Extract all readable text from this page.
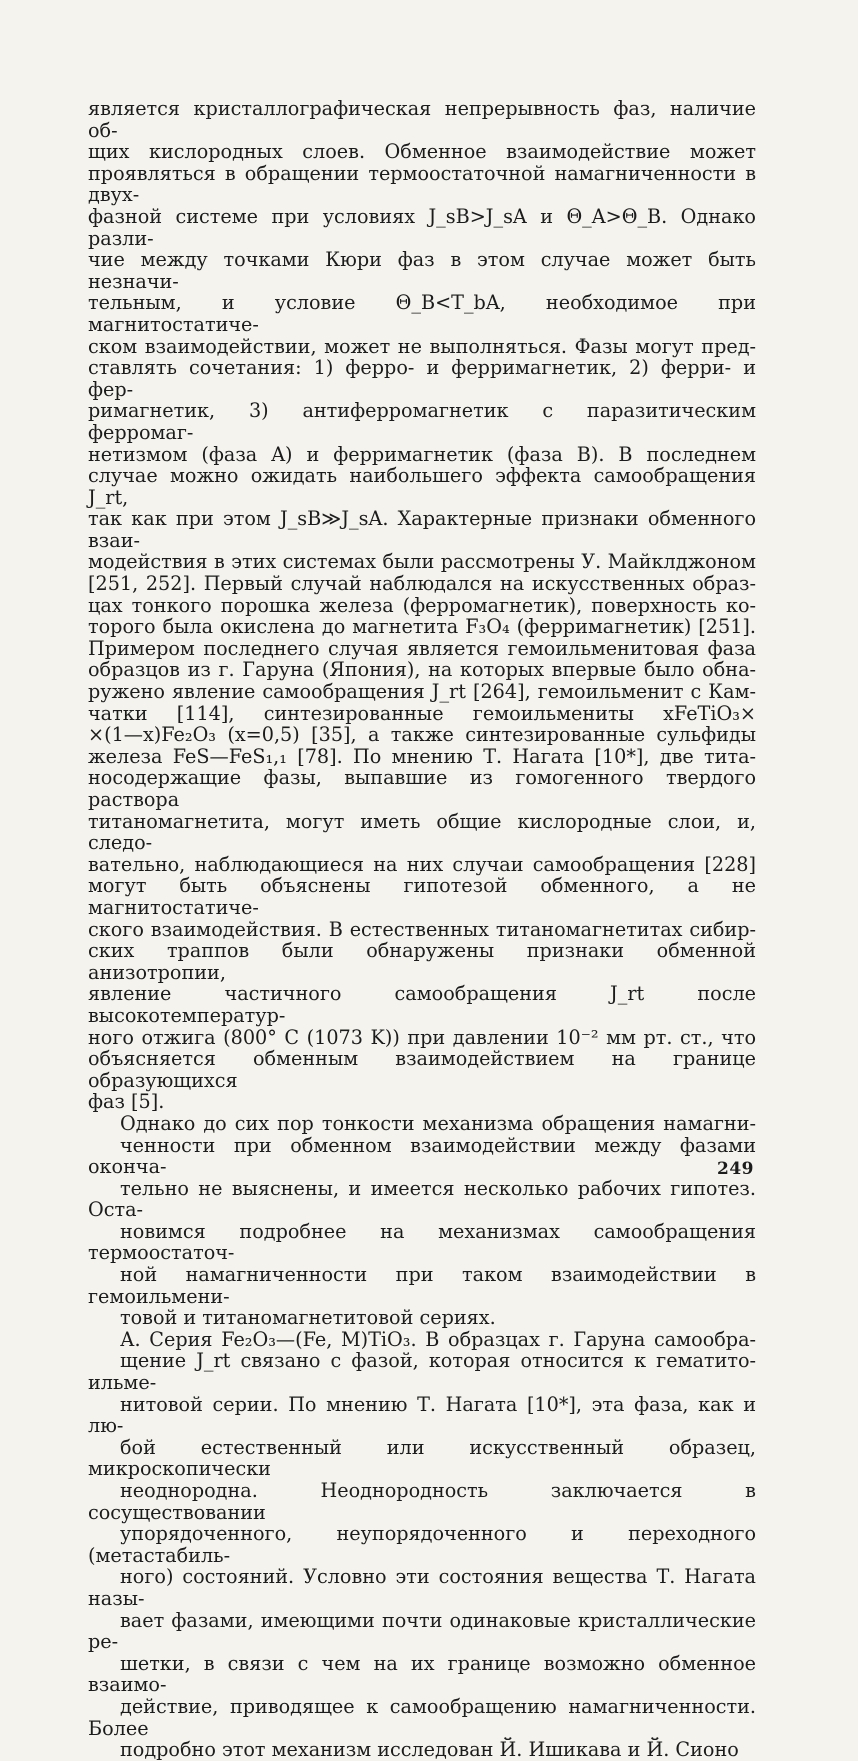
является кристаллографическая непрерывность фаз, наличие об-
щих кислородных слоев. Обменное взаимодействие может проявляться в обращении термоостаточной намагниченности в двух-
фазной системе при условиях J_sB>J_sA и Θ_A>Θ_B. Однако разли-
чие между точками Кюри фаз в этом случае может быть незначи-
тельным, и условие Θ_B<T_bA, необходимое при магнитостатиче-
ском взаимодействии, может не выполняться. Фазы могут пред-
ставлять сочетания: 1) ферро- и ферримагнетик, 2) ферри- и фер-
римагнетик, 3) антиферромагнетик с паразитическим ферромаг-
нетизмом (фаза A) и ферримагнетик (фаза B). В последнем
случае можно ожидать наибольшего эффекта самообращения J_rt,
так как при этом J_sB≫J_sA. Характерные признаки обменного взаи-
модействия в этих системах были рассмотрены У. Майклджоном
[251, 252]. Первый случай наблюдался на искусственных образ-
цах тонкого порошка железа (ферромагнетик), поверхность ко-
торого была окислена до магнетита F₃O₄ (ферримагнетик) [251].
Примером последнего случая является гемоильменитовая фаза
образцов из г. Гаруна (Япония), на которых впервые было обна-
ружено явление самообращения J_rt [264], гемоильменит с Кам-
чатки [114], синтезированные гемоильмениты xFeTiO₃×
×(1—x)Fe₂O₃ (x=0,5) [35], а также синтезированные сульфиды
железа FeS—FeS₁,₁ [78]. По мнению Т. Нагата [10*], две тита-
носодержащие фазы, выпавшие из гомогенного твердого раствора
титаномагнетита, могут иметь общие кислородные слои, и, следо-
вательно, наблюдающиеся на них случаи самообращения [228]
могут быть объяснены гипотезой обменного, а не магнитостатиче-
ского взаимодействия. В естественных титаномагнетитах сибир-
ских траппов были обнаружены признаки обменной анизотропии,
явление частичного самообращения J_rt после высокотемператур-
ного отжига (800° C (1073 K)) при давлении 10⁻² мм рт. ст., что
объясняется обменным взаимодействием на границе образующихся
фаз [5].
Однако до сих пор тонкости механизма обращения намагни-
ченности при обменном взаимодействии между фазами оконча-
тельно не выяснены, и имеется несколько рабочих гипотез. Оста-
новимся подробнее на механизмах самообращения термоостаточ-
ной намагниченности при таком взаимодействии в гемоильмени-
товой и титаномагнетитовой сериях.
А. Серия Fe₂O₃—(Fe, M)TiO₃. В образцах г. Гаруна самообра-
щение J_rt связано с фазой, которая относится к гематито-ильме-
нитовой серии. По мнению Т. Нагата [10*], эта фаза, как и лю-
бой естественный или искусственный образец, микроскопически
неоднородна. Неоднородность заключается в сосуществовании
упорядоченного, неупорядоченного и переходного (метастабиль-
ного) состояний. Условно эти состояния вещества Т. Нагата назы-
вает фазами, имеющими почти одинаковые кристаллические ре-
шетки, в связи с чем на их границе возможно обменное взаимо-
действие, приводящее к самообращению намагниченности. Более
подробно этот механизм исследован Й. Ишикава и Й. Сионо
249
